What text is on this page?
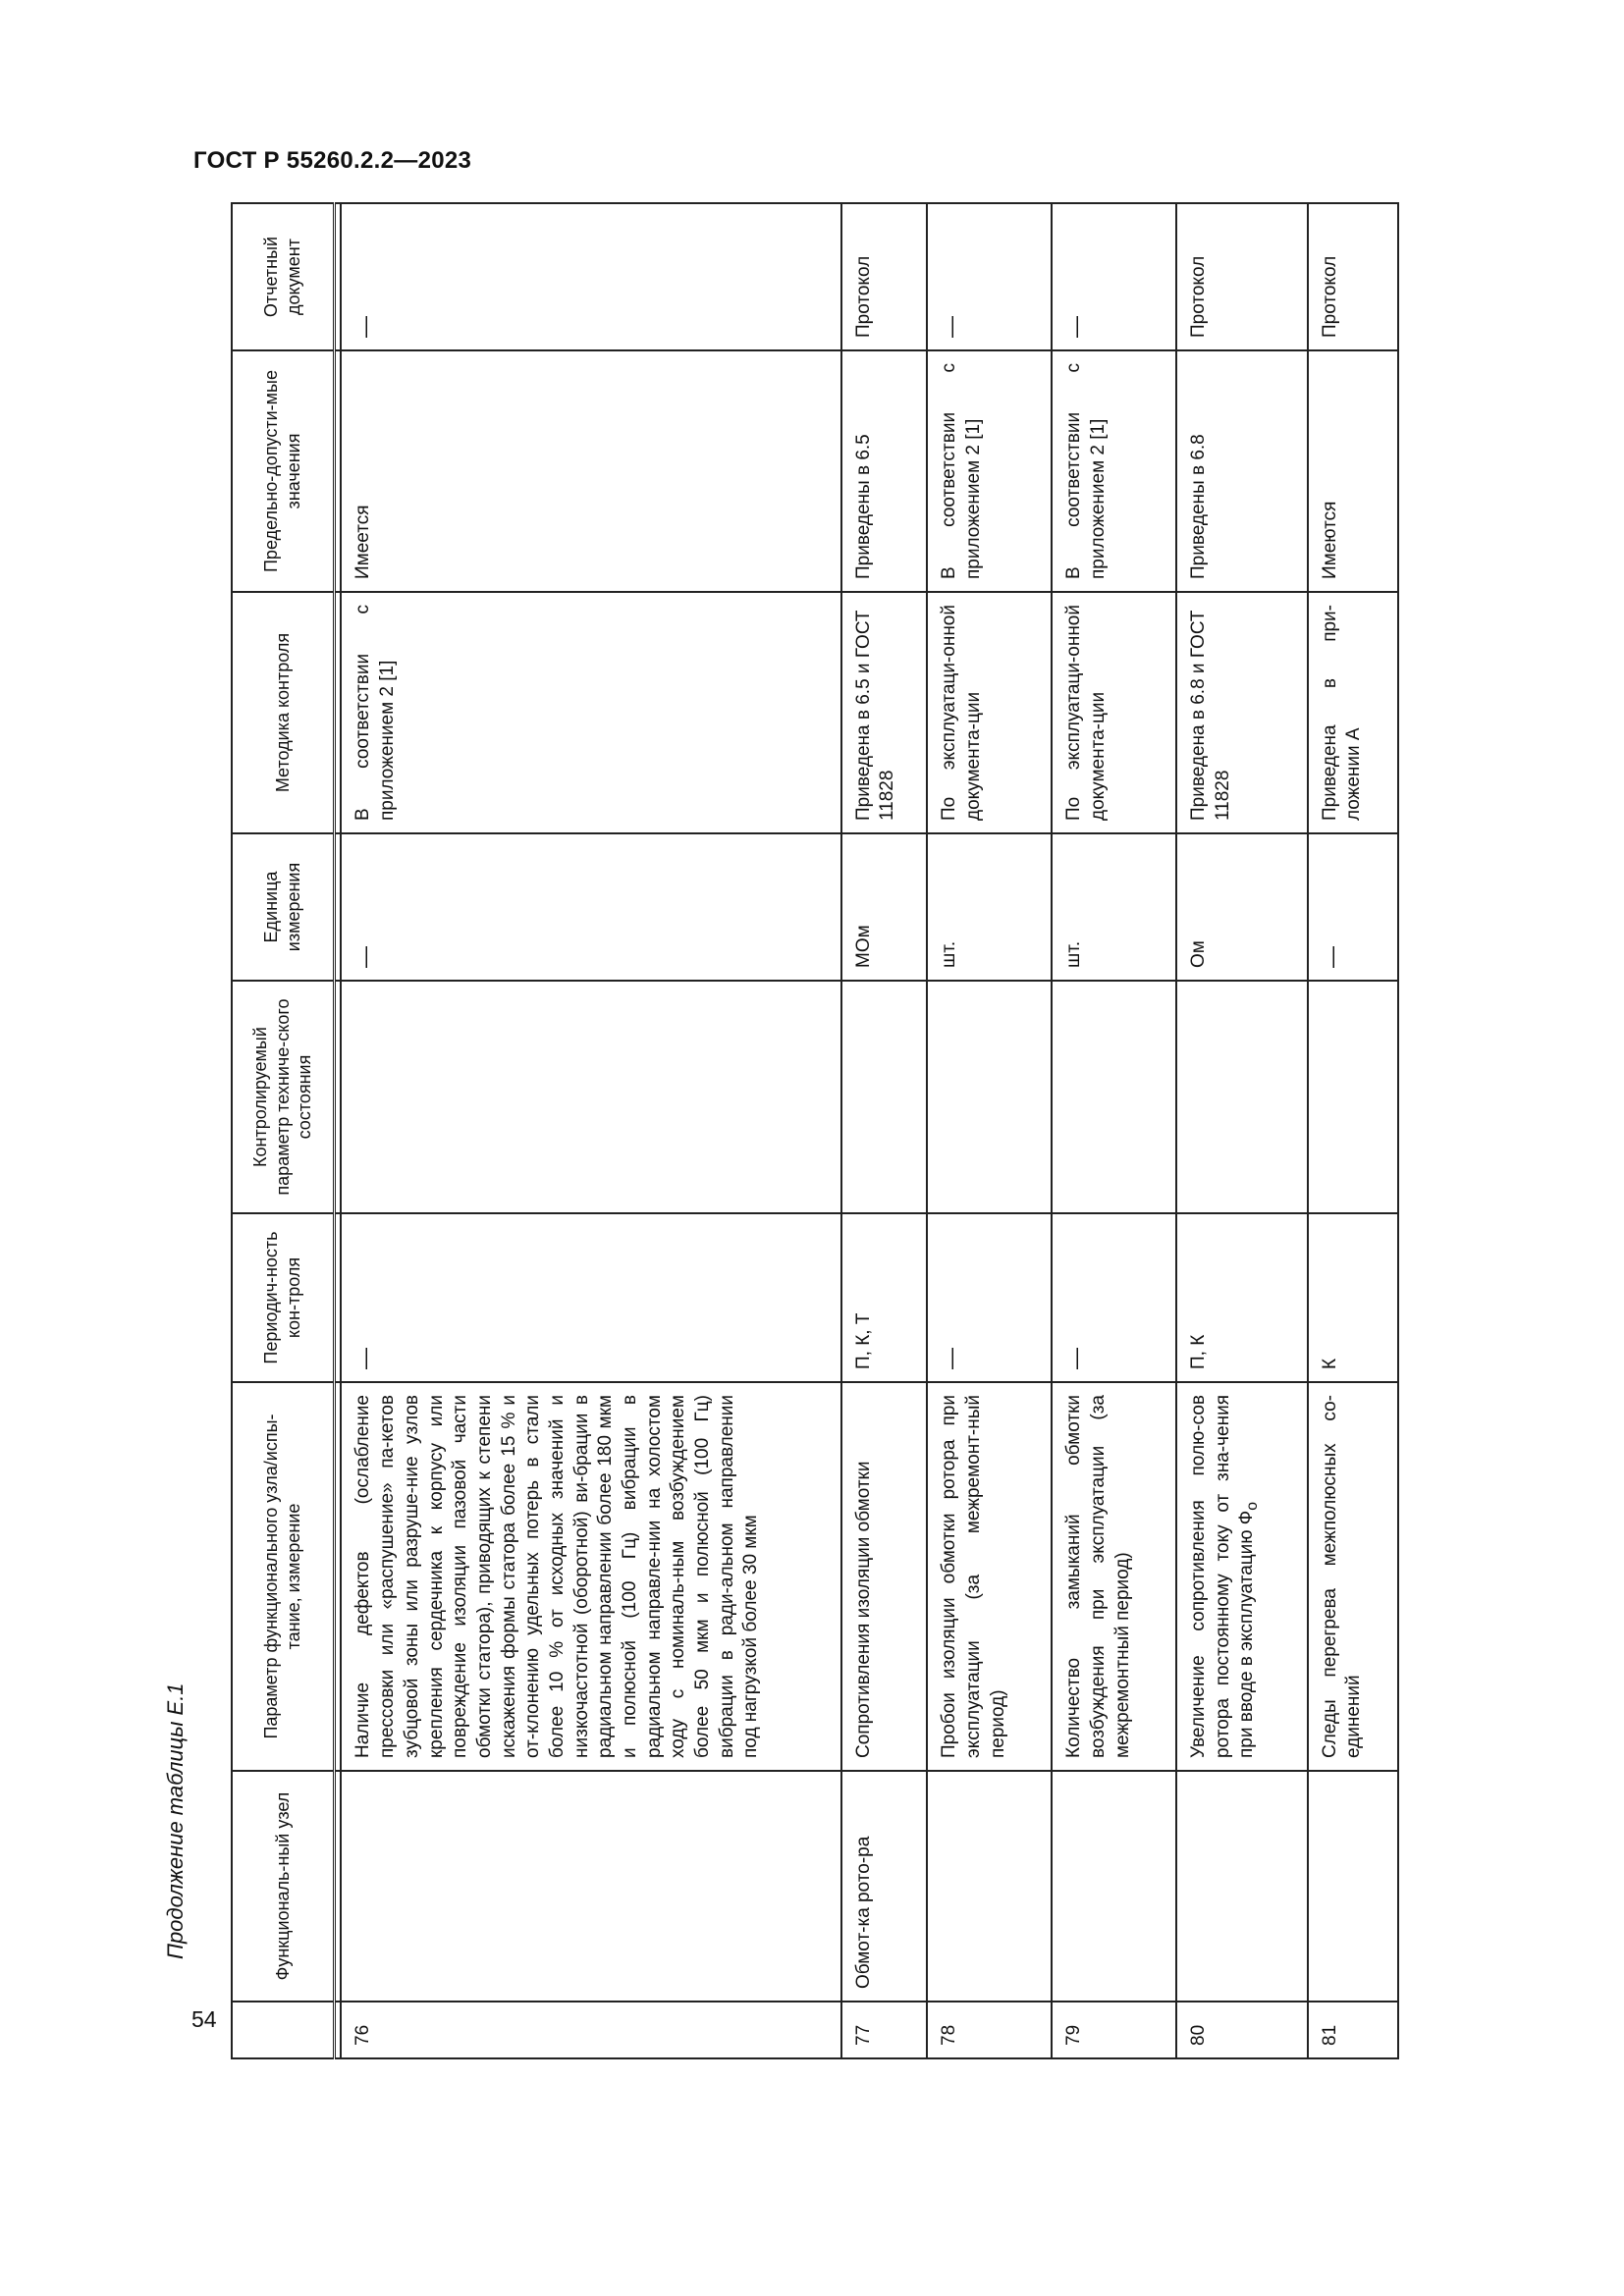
ГОСТ Р 55260.2.2—2023
Продолжение таблицы Е.1
		Функциональ-ный узел	Параметр функционального узла/испы-тание, измерение	Периодич-ность кон-троля	Контролируемый параметр техниче-ского состояния	Единица измерения	Методика контроля	Предельно-допусти-мые значения	Отчетный документ

76		Наличие дефектов (ослабление прессовки или «распушение» па-кетов зубцовой зоны или разруше-ние узлов крепления сердечника к корпусу или повреждение изоляции пазовой части обмотки статора), приводящих к степени искажения формы статора более 15 % и от-клонению удельных потерь в стали более 10 % от исходных значений и низкочастотной (оборотной) ви-брации в радиальном направлении более 180 мкм и полюсной (100 Гц) вибрации в радиальном направле-нии на холостом ходу с номиналь-ным возбуждением более 50 мкм и полюсной (100 Гц) вибрации в ради-альном направлении под нагрузкой более 30 мкм	—		—	В соответствии с приложением 2 [1]	Имеется	—
77	Обмот-ка рото-ра	Сопротивления изоляции обмотки	П, К, Т		МОм	Приведена в 6.5 и ГОСТ 11828	Приведены в 6.5	Протокол
78		Пробои изоляции обмотки ротора при эксплуатации (за межремонт-ный период)	—		шт.	По эксплуатаци-онной документа-ции	В соответствии с приложением 2 [1]	—
79		Количество замыканий обмотки возбуждения при эксплуатации (за межремонтный период)	—		шт.	По эксплуатаци-онной документа-ции	В соответствии с приложением 2 [1]	—
80		Увеличение сопротивления полю-сов ротора постоянному току от зна-чения при вводе в эксплуатацию $Ф_о$	П, К		Ом	Приведена в 6.8 и ГОСТ 11828	Приведены в 6.8	Протокол
81		Следы перегрева межполюсных со-единений	К		—	Приведена в при-ложении А	Имеются	Протокол
54
